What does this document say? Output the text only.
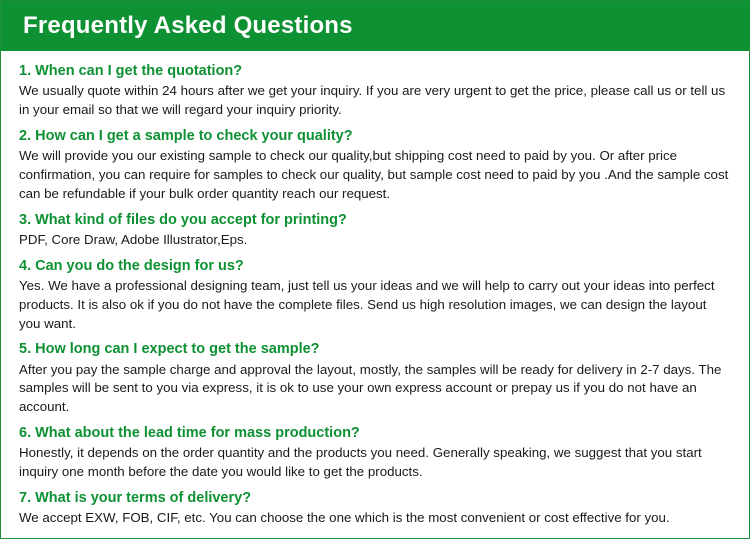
Frequently Asked Questions

1. When can I get the quotation?

We usually quote within 24 hours after we get your inquiry. If you are very urgent to get the price, please call us or tell us in your email so that we will regard your inquiry priority.

2. How can I get a sample to check your quality?

We will provide you our existing sample to check our quality,but shipping cost need to paid by you. Or after price confirmation, you can require for samples to check our quality, but sample cost need to paid by you .And the sample cost can be refundable if your bulk order quantity reach our request.

3. What kind of files do you accept for printing?

PDF, Core Draw, Adobe Illustrator,Eps.

4. Can you do the design for us?

Yes. We have a professional designing team, just tell us your ideas and we will help to carry out your ideas into perfect products. It is also ok if you do not have the complete files. Send us high resolution images, we can design the layout you want.

5. How long can I expect to get the sample?

After you pay the sample charge and approval the layout, mostly, the samples will be ready for delivery in 2-7 days. The samples will be sent to you via express, it is ok to use your own express account or prepay us if you do not have an account.

6. What about the lead time for mass production?

Honestly, it depends on the order quantity and the products you need. Generally speaking, we suggest that you start inquiry one month before the date you would like to get the products.

7. What is your terms of delivery?

We accept EXW, FOB, CIF, etc. You can choose the one which is the most convenient or cost effective for you.
